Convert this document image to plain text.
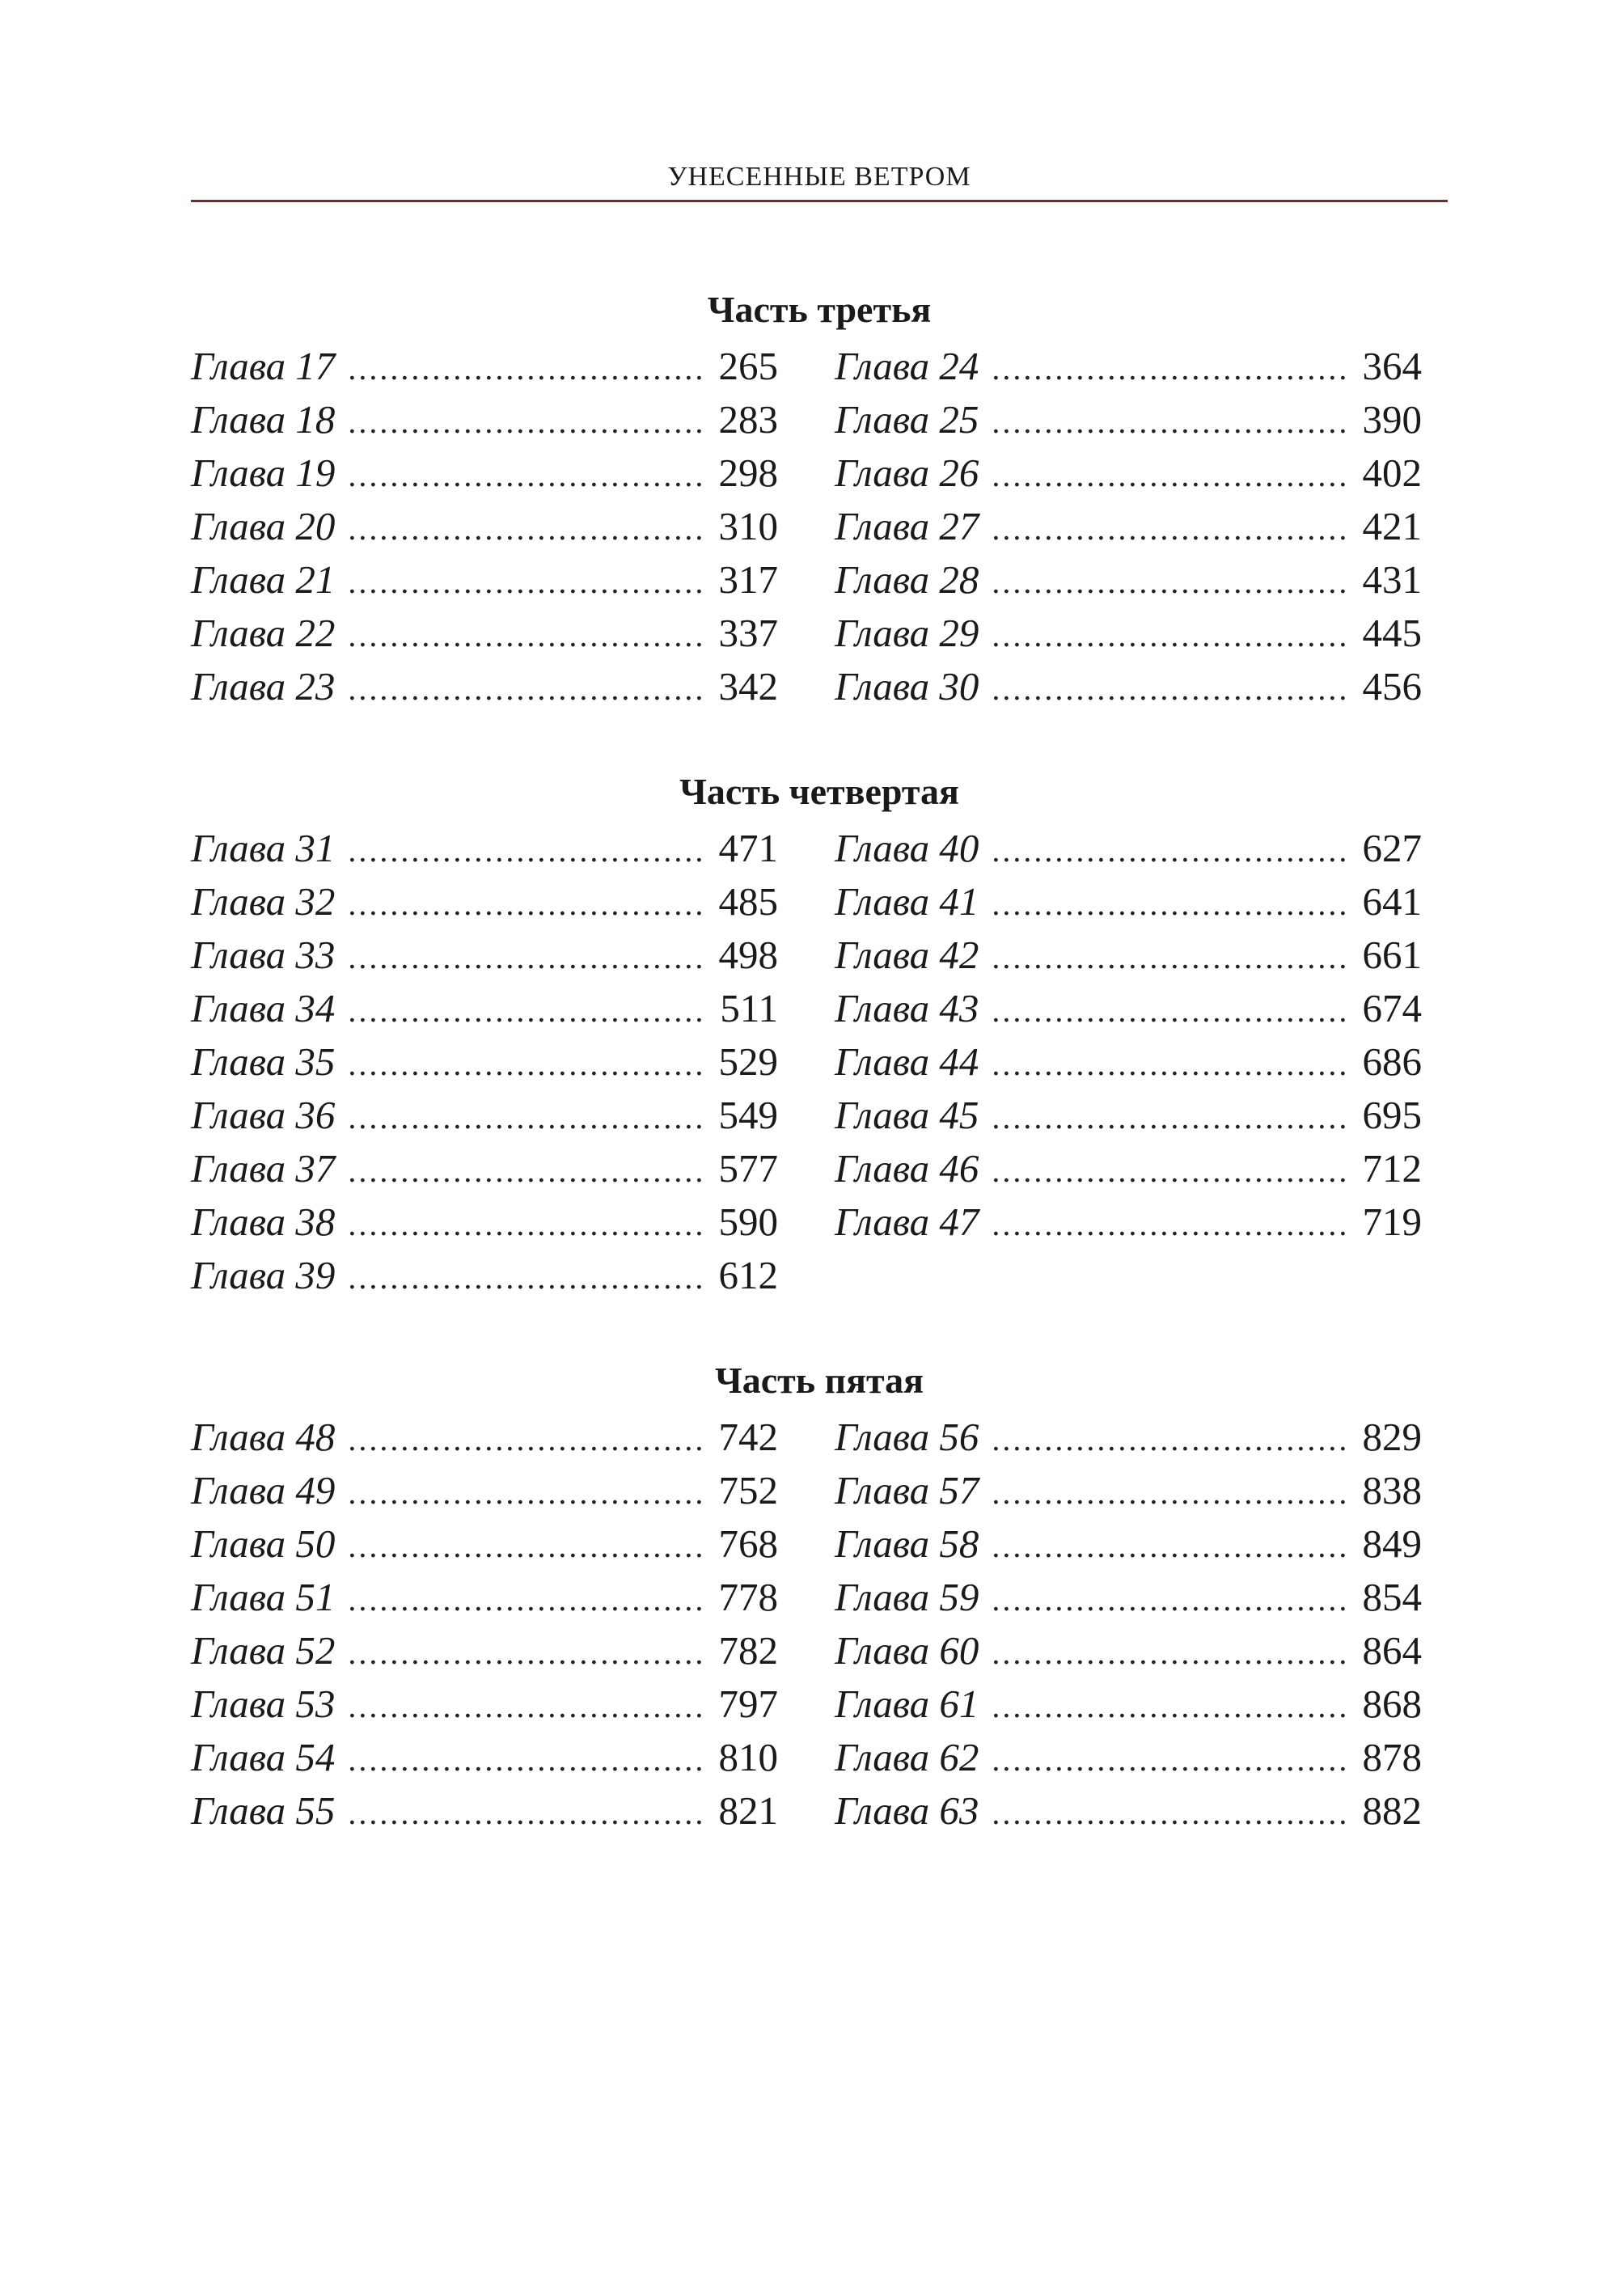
УНЕСЕННЫЕ ВЕТРОМ
Часть третья
Глава 17 .....	265
Глава 18 .....	283
Глава 19 .....	298
Глава 20 .....	310
Глава 21 .....	317
Глава 22 .....	337
Глава 23 .....	342
Глава 24 .....	364
Глава 25 .....	390
Глава 26 .....	402
Глава 27 .....	421
Глава 28 .....	431
Глава 29 .....	445
Глава 30 .....	456
Часть четвертая
Глава 31 .....	471
Глава 32 .....	485
Глава 33 .....	498
Глава 34 .....	511
Глава 35 .....	529
Глава 36 .....	549
Глава 37 .....	577
Глава 38 .....	590
Глава 39 .....	612
Глава 40 .....	627
Глава 41 .....	641
Глава 42 .....	661
Глава 43 .....	674
Глава 44 .....	686
Глава 45 .....	695
Глава 46 .....	712
Глава 47 .....	719
Часть пятая
Глава 48 .....	742
Глава 49 .....	752
Глава 50 .....	768
Глава 51 .....	778
Глава 52 .....	782
Глава 53 .....	797
Глава 54 .....	810
Глава 55 .....	821
Глава 56 .....	829
Глава 57 .....	838
Глава 58 .....	849
Глава 59 .....	854
Глава 60 .....	864
Глава 61 .....	868
Глава 62 .....	878
Глава 63 .....	882
